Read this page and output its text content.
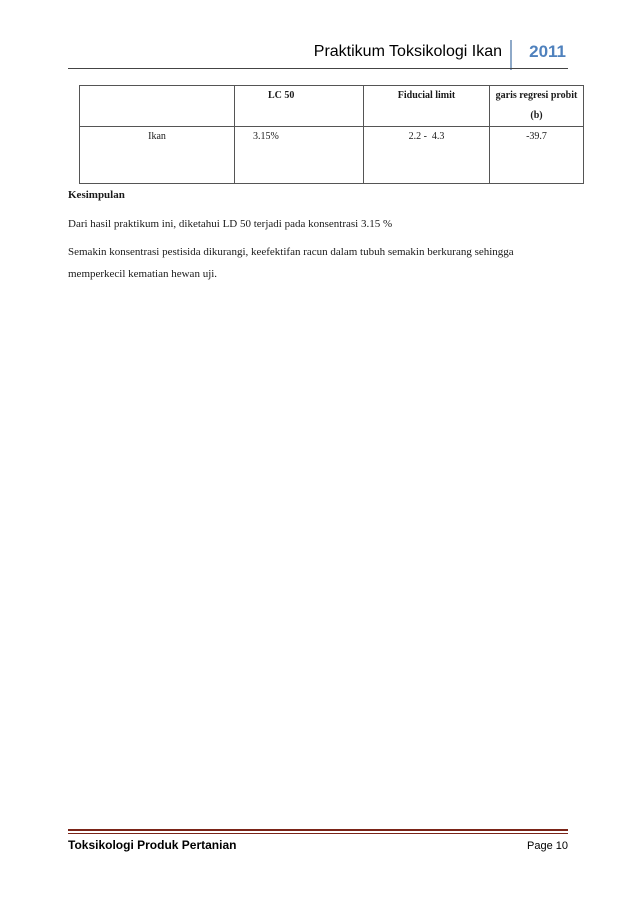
Praktikum Toksikologi Ikan 2011
	LC 50	Fiducial limit	garis regresi probit (b)
Ikan	3.15%	2.2 -  4.3	-39.7
Kesimpulan
Dari hasil praktikum ini, diketahui LD 50 terjadi pada konsentrasi 3.15 %
Semakin konsentrasi pestisida dikurangi, keefektifan racun dalam tubuh semakin berkurang sehingga memperkecil kematian hewan uji.
Toksikologi Produk Pertanian	Page 10
